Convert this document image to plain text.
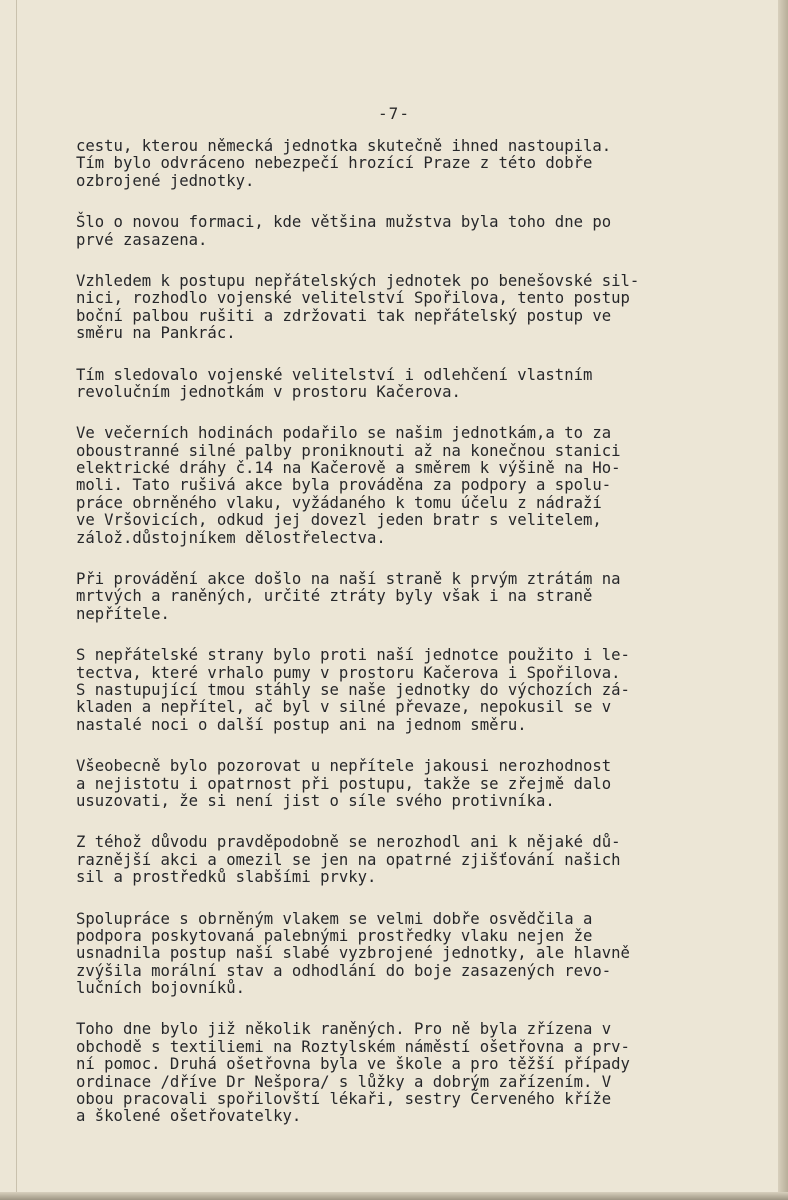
-7-
cestu, kterou německá jednotka skutečně ihned nastoupila.
Tím bylo odvráceno nebezpečí hrozící Praze z této dobře
ozbrojené jednotky.
Šlo o novou formaci, kde většina mužstva byla toho dne po
prvé zasazena.
Vzhledem k postupu nepřátelských jednotek po benešovské sil-
nici, rozhodlo vojenské velitelství Spořilova, tento postup
boční palbou rušiti a zdržovati tak nepřátelský postup ve
směru na Pankrác.
Tím sledovalo vojenské velitelství i odlehčení vlastním
revolučním jednotkám v prostoru Kačerova.
Ve večerních hodinách podařilo se našim jednotkám,a to za
oboustranné silné palby proniknouti až na konečnou stanici
elektrické dráhy č.14 na Kačerově a směrem k výšině na Ho-
moli. Tato rušivá akce byla prováděna za podpory a spolu-
práce obrněného vlaku, vyžádaného k tomu účelu z nádraží
ve Vršovicích, odkud jej dovezl jeden bratr s velitelem,
zálož.důstojníkem dělostřelectva.
Při provádění akce došlo na naší straně k prvým ztrátám na
mrtvých a raněných, určité ztráty byly však i na straně
nepřítele.
S nepřátelské strany bylo proti naší jednotce použito i le-
tectva, které vrhalo pumy v prostoru Kačerova i Spořilova.
S nastupující tmou stáhly se naše jednotky do výchozích zá-
kladen a nepřítel, ač byl v silné převaze, nepokusil se v
nastalé noci o další postup ani na jednom směru.
Všeobecně bylo pozorovat u nepřítele jakousi nerozhodnost
a nejistotu i opatrnost při postupu, takže se zřejmě dalo
usuzovati, že si není jist o síle svého protivníka.
Z téhož důvodu pravděpodobně se nerozhodl ani k nějaké dů-
raznější akci a omezil se jen na opatrné zjišťování našich
sil a prostředků slabšími prvky.
Spolupráce s obrněným vlakem se velmi dobře osvědčila a
podpora poskytovaná palebnými prostředky vlaku nejen že
usnadnila postup naší slabé vyzbrojené jednotky, ale hlavně
zvýšila morální stav a odhodlání do boje zasazených revo-
lučních bojovníků.
Toho dne bylo již několik raněných. Pro ně byla zřízena v
obchodě s textiliemi na Roztylském náměstí ošetřovna a prv-
ní pomoc. Druhá ošetřovna byla ve škole a pro těžší případy
ordinace /dříve Dr Nešpora/ s lůžky a dobrým zařízením. V
obou pracovali spořilovští lékaři, sestry Červeného kříže
a školené ošetřovatelky.
